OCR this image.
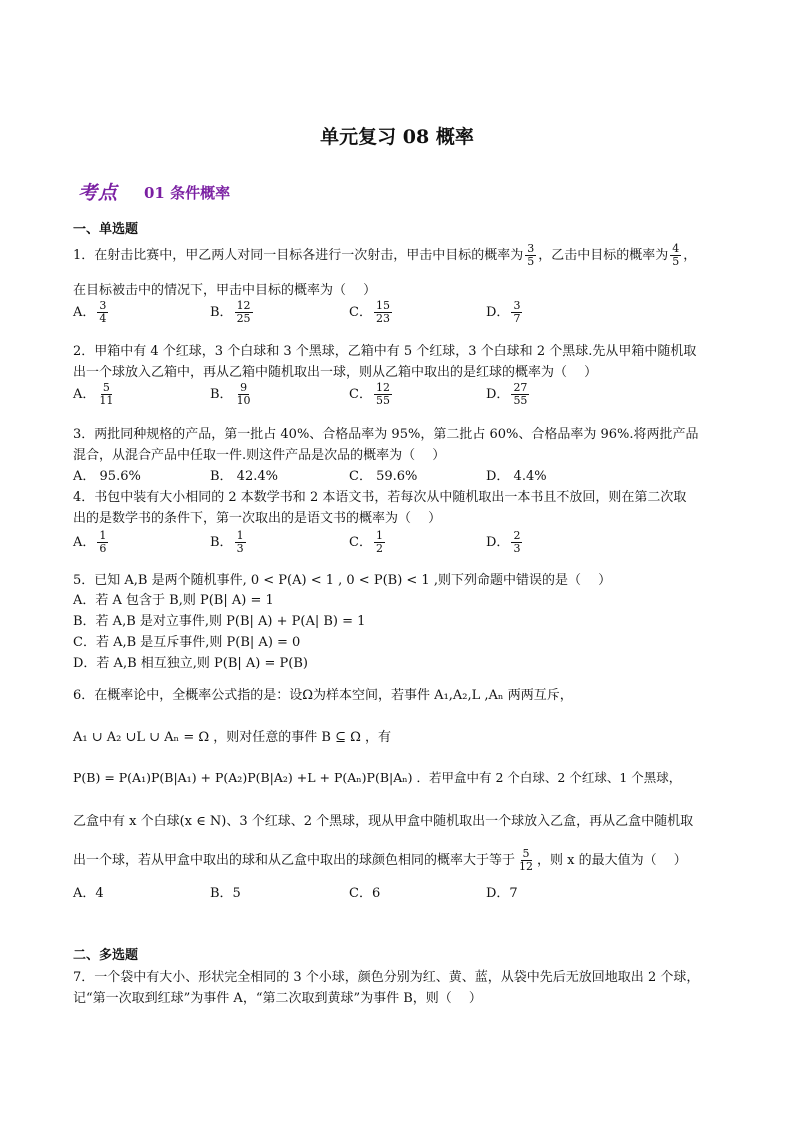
单元复习 08 概率
考点 01 条件概率
一、单选题
1．在射击比赛中，甲乙两人对同一目标各进行一次射击，甲击中目标的概率为 $\frac{3}{5}$ ，乙击中目标的概率为 $\frac{4}{5}$ ，
在目标被击中的情况下，甲击中目标的概率为（　 ）
A． $\frac{3}{4}$	B． $\frac{12}{25}$	C． $\frac{15}{23}$	D． $\frac{3}{7}$
2．甲箱中有 4 个红球，3 个白球和 3 个黑球，乙箱中有 5 个红球，3 个白球和 2 个黑球.先从甲箱中随机取
出一个球放入乙箱中，再从乙箱中随机取出一球，则从乙箱中取出的是红球的概率为（　 ）
A． $\frac{5}{11}$	B． $\frac{9}{10}$	C． $\frac{12}{55}$	D． $\frac{27}{55}$
3．两批同种规格的产品，第一批占 40%、合格品率为 95%，第二批占 60%、合格品率为 96%.将两批产品
混合，从混合产品中任取一件.则这件产品是次品的概率为（　 ）
A． 95.6%	B． 42.4%	C． 59.6%	D． 4.4%
4．书包中装有大小相同的 2 本数学书和 2 本语文书，若每次从中随机取出一本书且不放回，则在第二次取
出的是数学书的条件下，第一次取出的是语文书的概率为（　 ）
A． $\frac{1}{6}$	B． $\frac{1}{3}$	C． $\frac{1}{2}$	D． $\frac{2}{3}$
5．已知 A,B 是两个随机事件, 0 < P(A) < 1 , 0 < P(B) < 1 ,则下列命题中错误的是（　 ）
A．若 A 包含于 B,则 P(B| A) = 1
B．若 A,B 是对立事件,则 P(B| A) + P(A| B) = 1
C．若 A,B 是互斥事件,则 P(B| A) = 0
D．若 A,B 相互独立,则 P(B| A) = P(B)
6．在概率论中，全概率公式指的是：设Ω为样本空间，若事件 A₁,A₂,L ,Aₙ 两两互斥，
A₁ ∪ A₂ ∪L ∪ Aₙ = Ω ，则对任意的事件 B ⊆ Ω ，有
P(B) = P(A₁)P(B|A₁) + P(A₂)P(B|A₂) +L + P(Aₙ)P(B|Aₙ) ．若甲盒中有 2 个白球、2 个红球、1 个黑球，
乙盒中有 x 个白球(x ∈ N)、3 个红球、2 个黑球，现从甲盒中随机取出一个球放入乙盒，再从乙盒中随机取
出一个球，若从甲盒中取出的球和从乙盒中取出的球颜色相同的概率大于等于 $\frac{5}{12}$ ，则 x 的最大值为（　 ）
A．4	B．5	C．6	D．7
二、多选题
7．一个袋中有大小、形状完全相同的 3 个小球，颜色分别为红、黄、蓝，从袋中先后无放回地取出 2 个球，
记“第一次取到红球”为事件 A，“第二次取到黄球”为事件 B，则（　 ）
